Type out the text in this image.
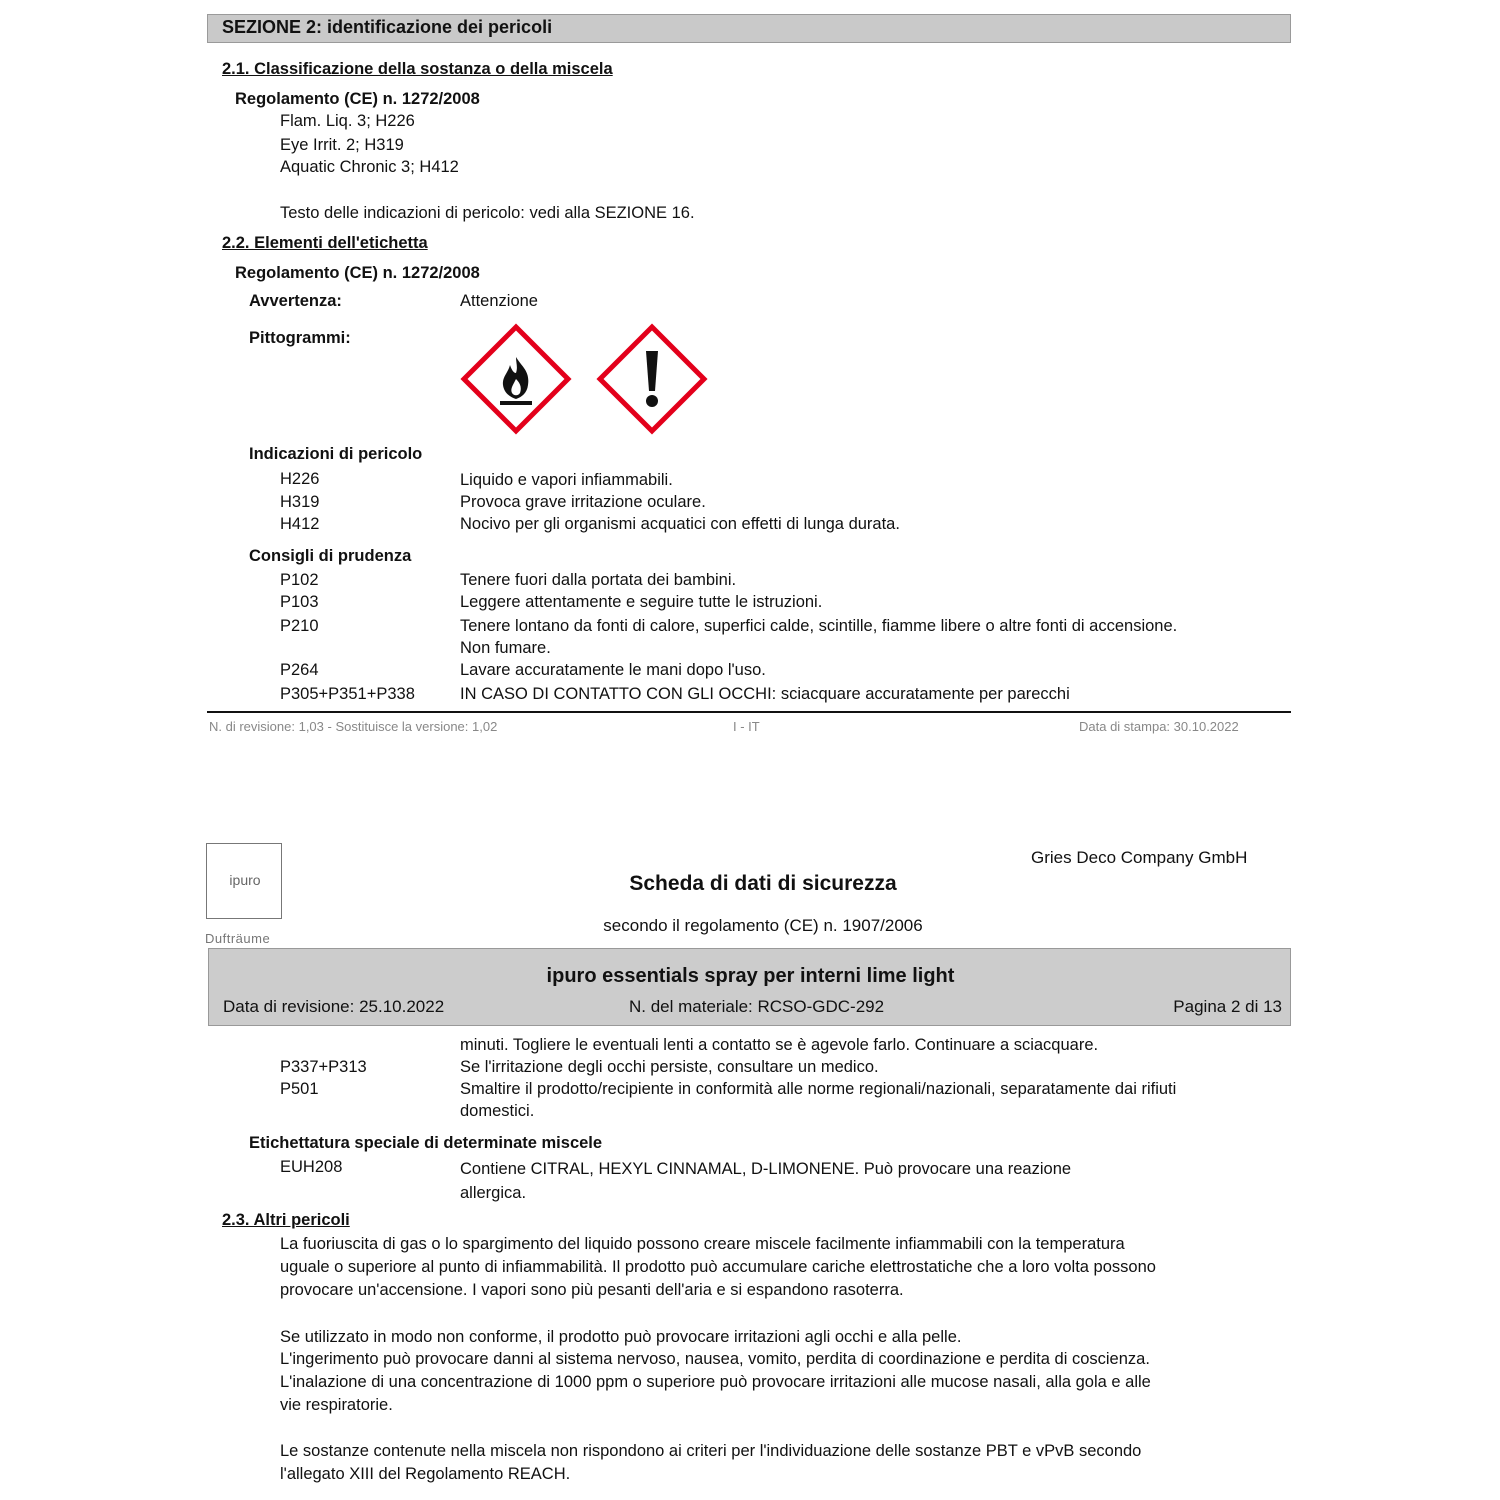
SEZIONE 2: identificazione dei pericoli
2.1. Classificazione della sostanza o della miscela
Regolamento (CE) n. 1272/2008
Flam. Liq. 3; H226
Eye Irrit. 2; H319
Aquatic Chronic 3; H412
Testo delle indicazioni di pericolo: vedi alla SEZIONE 16.
2.2. Elementi dell'etichetta
Regolamento (CE) n. 1272/2008
Avvertenza:	Attenzione
Pittogrammi:
Indicazioni di pericolo
H226	Liquido e vapori infiammabili.
H319	Provoca grave irritazione oculare.
H412	Nocivo per gli organismi acquatici con effetti di lunga durata.
Consigli di prudenza
P102	Tenere fuori dalla portata dei bambini.
P103	Leggere attentamente e seguire tutte le istruzioni.
P210	Tenere lontano da fonti di calore, superfici calde, scintille, fiamme libere o altre fonti di accensione. Non fumare.
P264	Lavare accuratamente le mani dopo l'uso.
P305+P351+P338	IN CASO DI CONTATTO CON GLI OCCHI: sciacquare accuratamente per parecchi
N. di revisione: 1,03 - Sostituisce la versione: 1,02	I - IT	Data di stampa: 30.10.2022
ipuro
Dufträume
Gries Deco Company GmbH
Scheda di dati di sicurezza
secondo il regolamento (CE) n. 1907/2006
ipuro essentials spray per interni lime light
Data di revisione: 25.10.2022	N. del materiale: RCSO-GDC-292	Pagina 2 di 13
minuti. Togliere le eventuali lenti a contatto se è agevole farlo. Continuare a sciacquare.
P337+P313	Se l'irritazione degli occhi persiste, consultare un medico.
P501	Smaltire il prodotto/recipiente in conformità alle norme regionali/nazionali, separatamente dai rifiuti domestici.
Etichettatura speciale di determinate miscele
EUH208	Contiene CITRAL, HEXYL CINNAMAL, D-LIMONENE. Può provocare una reazione allergica.
2.3. Altri pericoli
La fuoriuscita di gas o lo spargimento del liquido possono creare miscele facilmente infiammabili con la temperatura uguale o superiore al punto di infiammabilità. Il prodotto può accumulare cariche elettrostatiche che a loro volta possono provocare un'accensione. I vapori sono più pesanti dell'aria e si espandono rasoterra.
Se utilizzato in modo non conforme, il prodotto può provocare irritazioni agli occhi e alla pelle.
L'ingerimento può provocare danni al sistema nervoso, nausea, vomito, perdita di coordinazione e perdita di coscienza. L'inalazione di una concentrazione di 1000 ppm o superiore può provocare irritazioni alle mucose nasali, alla gola e alle vie respiratorie.
Le sostanze contenute nella miscela non rispondono ai criteri per l'individuazione delle sostanze PBT e vPvB secondo l'allegato XIII del Regolamento REACH.
